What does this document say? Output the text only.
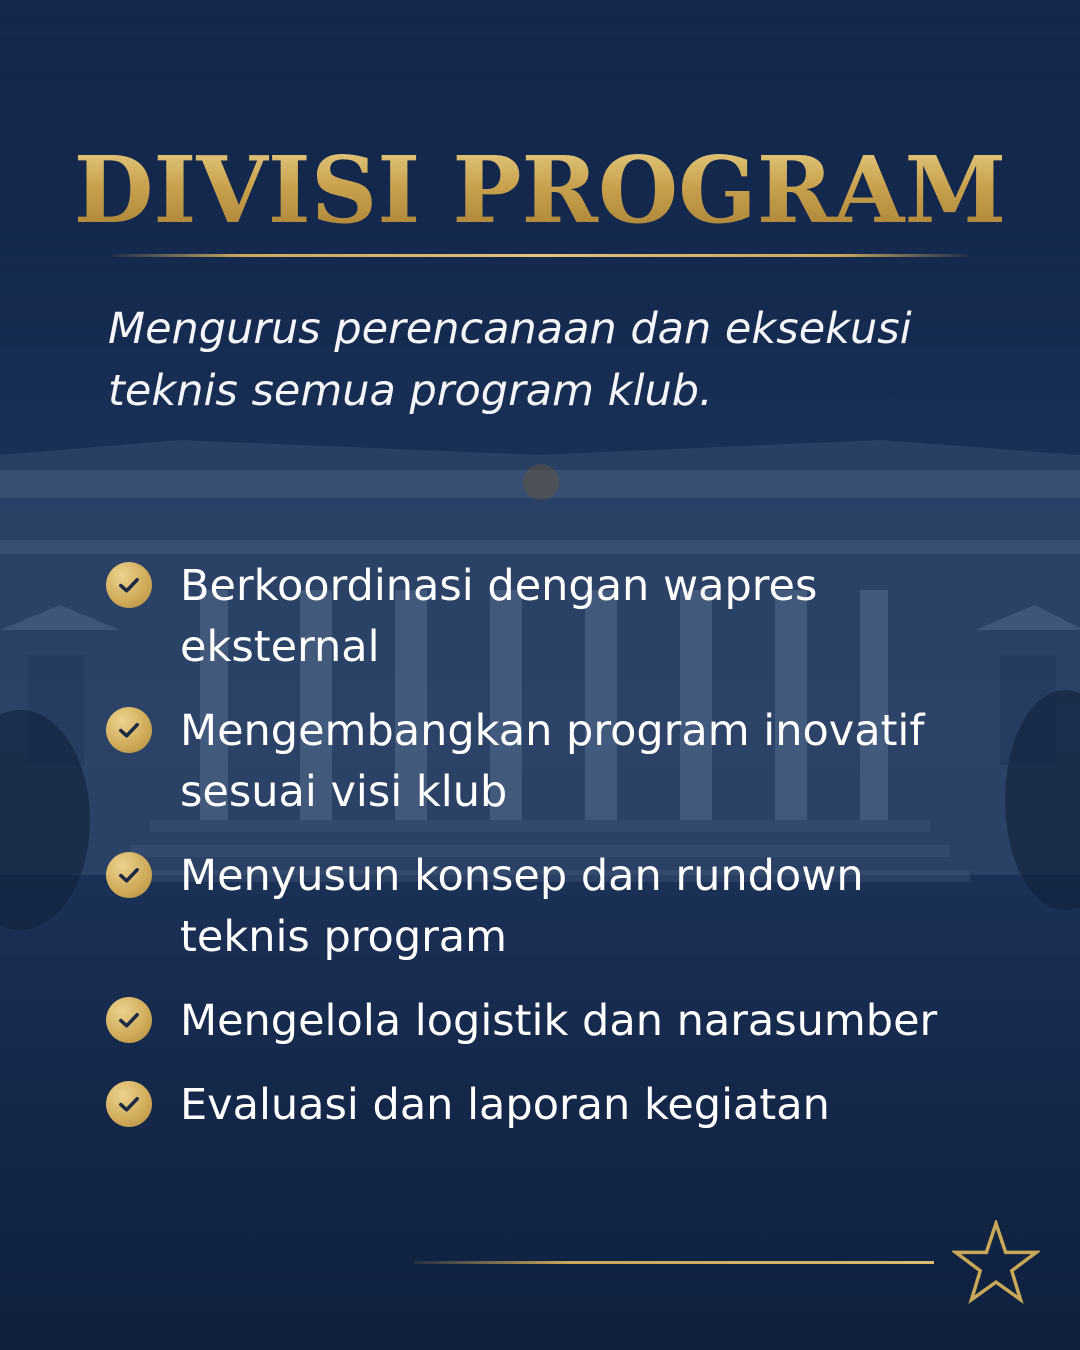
DIVISI PROGRAM
Mengurus perencanaan dan eksekusi teknis semua program klub.
Berkoordinasi dengan wapres eksternal
Mengembangkan program inovatif sesuai visi klub
Menyusun konsep dan rundown teknis program
Mengelola logistik dan narasumber
Evaluasi dan laporan kegiatan
